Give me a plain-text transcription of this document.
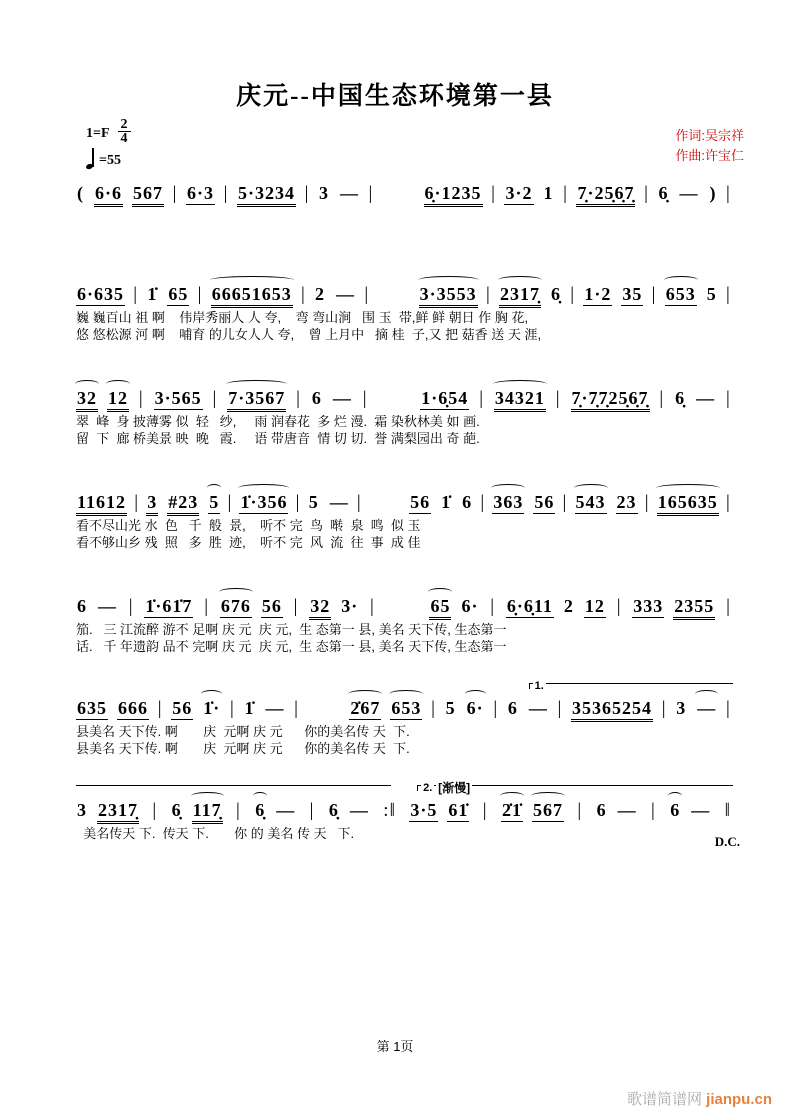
庆元--中国生态环境第一县
作词:吴宗祥
作曲:许宝仁
$1=F \frac{2}{4}$
=55
( 6·6 567 | 6·3 | 5·3234 | 3 — |	6̣·1235 | 3·2 1 | 7̣·25̣6̣7̣ | 6̣ — ) |
6·635 | 1̇ 65 | 66651653 | 2 — |	3·3553 | 2317̣ 6̣ | 1·2 35 | 653 5 |
巍 巍百山 祖 啊    伟岸秀丽人 人 夸,    弯 弯山涧   围 玉  带,鲜 鲜 朝日 作 胸 花,
悠 悠松源 河 啊    哺育 的儿女人人 夸,    曾 上月中   摘 桂  子,又 把 菇香 送 天 涯,
32 12 | 3·565 | 7·3567 | 6 — |	1·6̣54 | 34321 | 7̣·7̣7̣25̣6̣7̣ | 6̣ — |
翠  峰  身 披薄雾 似  轻   纱,     雨 润春花  多 烂 漫.  霜 染秋林美 如 画.
留  下  廊 桥美景 映  晚   霞.     语 带唐音  情 切 切.  誉 满梨园出 奇 葩.
11612 | 3 #23 5 | 1̇·356 | 5 — |	56 1̇ 6 | 363 56 | 543 23 | 165635 |
看不尽山光 水  色   千  般  景,    听不 完  鸟  啭  泉  鸣  似 玉
看不够山乡 残  照   多  胜  迹,    听不 完  风  流  往  事  成 佳
6 — | 1̇·61̇7 | 676 56 | 32 3· |	65 6· | 6̣·6̣11 2 12 | 333 2355 |
笳.   三 江流醉 游不 足啊 庆 元  庆 元,  生 态第一 县, 美名 天下传, 生态第一
话.   千 年遗韵 品不 完啊 庆 元  庆 元,  生 态第一 县, 美名 天下传, 生态第一
1.
635 666 | 56 1̇· | 1̇ — |	2̇67 653 | 5 6· | 6 — | 35365254 | 3 — |
县美名 天下传. 啊       庆  元啊 庆 元      你的美名传 天  下.
县美名 天下传. 啊       庆  元啊 庆 元      你的美名传 天  下.
2. [渐慢]
3 2317̣ | 6̣ 117̣ | 6̣ — | 6̣ — :‖ 3·5 61̇ | 2̇1̇ 567 | 6 — | 6 — ‖
美名传天 下.  传天 下.       你 的 美名 传 天   下.
D.C.
第 1页
歌谱简谱网 jianpu.cn
